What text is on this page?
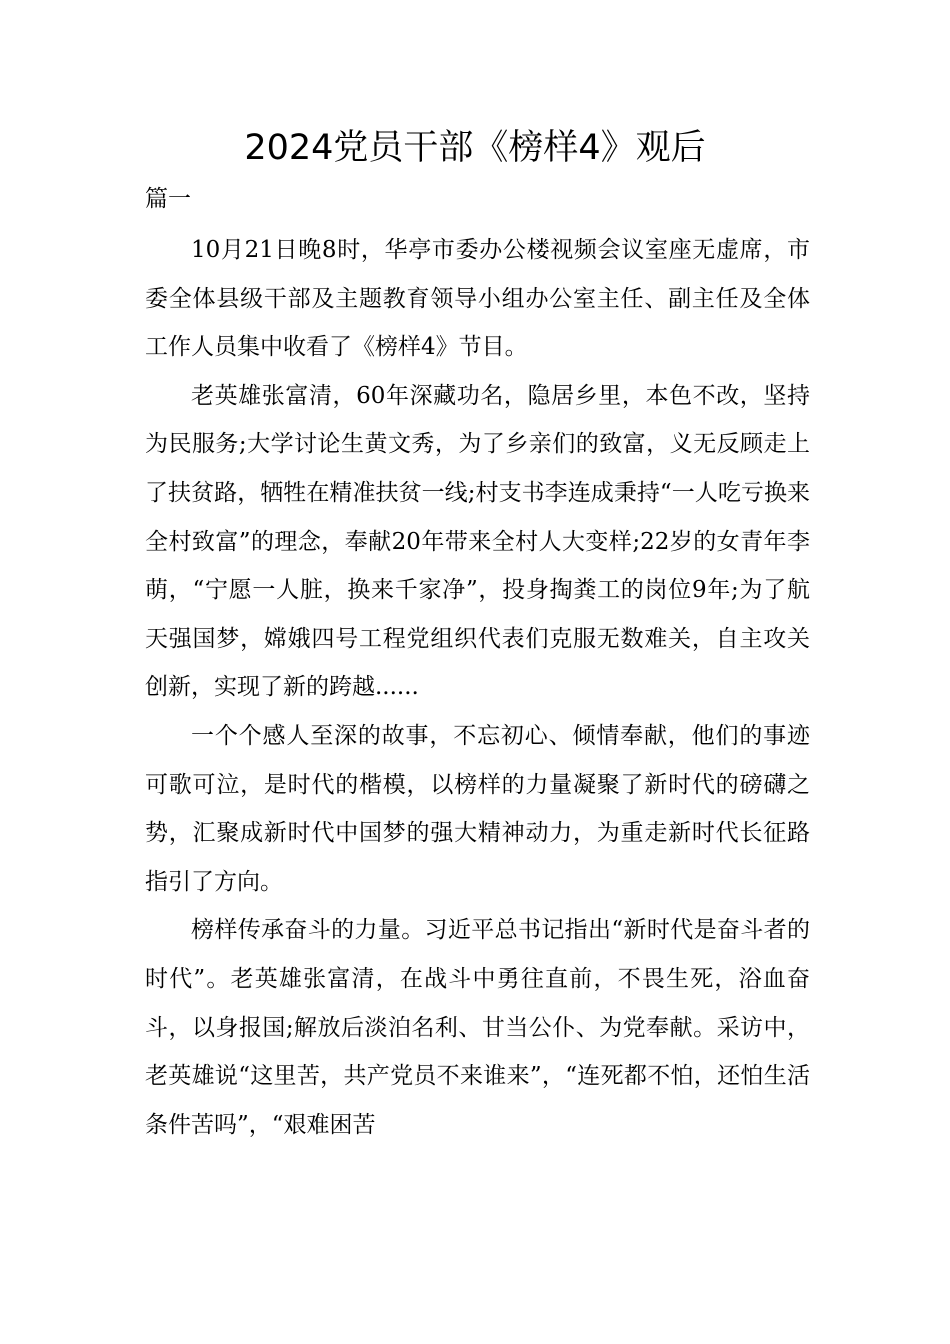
2024党员干部《榜样4》观后
篇一

10月21日晚8时，华亭市委办公楼视频会议室座无虚席，市委全体县级干部及主题教育领导小组办公室主任、副主任及全体工作人员集中收看了《榜样4》节目。

老英雄张富清，60年深藏功名，隐居乡里，本色不改，坚持为民服务;大学讨论生黄文秀，为了乡亲们的致富，义无反顾走上了扶贫路，牺牲在精准扶贫一线;村支书李连成秉持“一人吃亏换来全村致富”的理念，奉献20年带来全村人大变样;22岁的女青年李萌，“宁愿一人脏，换来千家净”，投身掏粪工的岗位9年;为了航天强国梦，嫦娥四号工程党组织代表们克服无数难关，自主攻关创新，实现了新的跨越......

一个个感人至深的故事，不忘初心、倾情奉献，他们的事迹可歌可泣，是时代的楷模，以榜样的力量凝聚了新时代的磅礴之势，汇聚成新时代中国梦的强大精神动力，为重走新时代长征路指引了方向。

榜样传承奋斗的力量。习近平总书记指出“新时代是奋斗者的时代”。老英雄张富清，在战斗中勇往直前，不畏生死，浴血奋斗，以身报国;解放后淡泊名利、甘当公仆、为党奉献。采访中，老英雄说“这里苦，共产党员不来谁来”，“连死都不怕，还怕生活条件苦吗”，“艰难困苦
